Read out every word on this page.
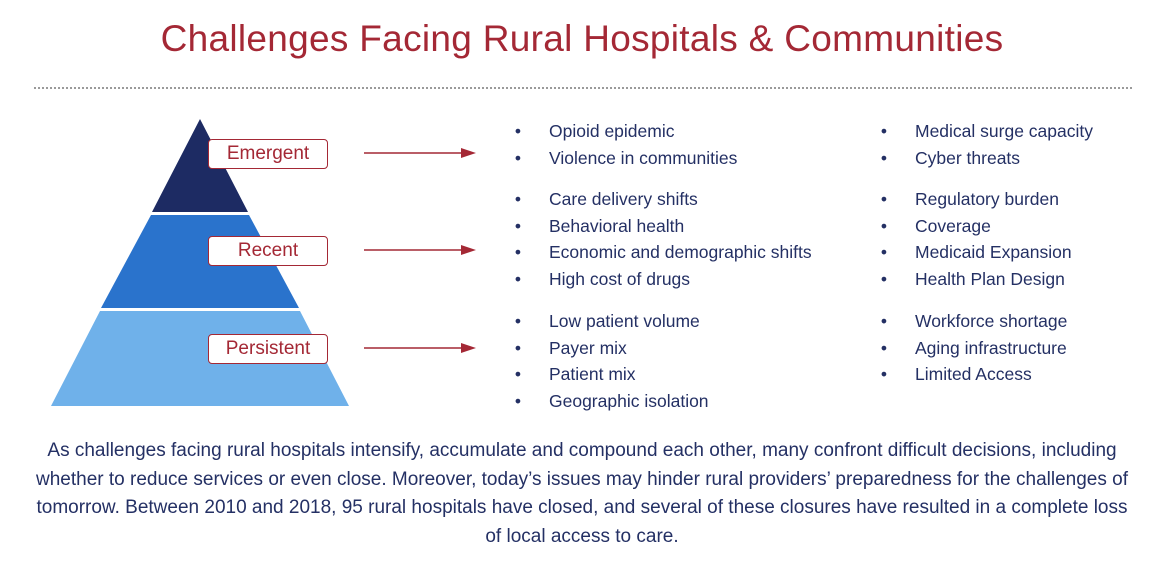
Challenges Facing Rural Hospitals & Communities
Emergent
Recent
Persistent
• Opioid epidemic
• Violence in communities
• Medical surge capacity
• Cyber threats
• Care delivery shifts
• Behavioral health
• Economic and demographic shifts
• High cost of drugs
• Regulatory burden
• Coverage
• Medicaid Expansion
• Health Plan Design
• Low patient volume
• Payer mix
• Patient mix
• Geographic isolation
• Workforce shortage
• Aging infrastructure
• Limited Access
As challenges facing rural hospitals intensify, accumulate and compound each other, many confront difficult decisions, including whether to reduce services or even close. Moreover, today’s issues may hinder rural providers’ preparedness for the challenges of tomorrow. Between 2010 and 2018, 95 rural hospitals have closed, and several of these closures have resulted in a complete loss of local access to care.
